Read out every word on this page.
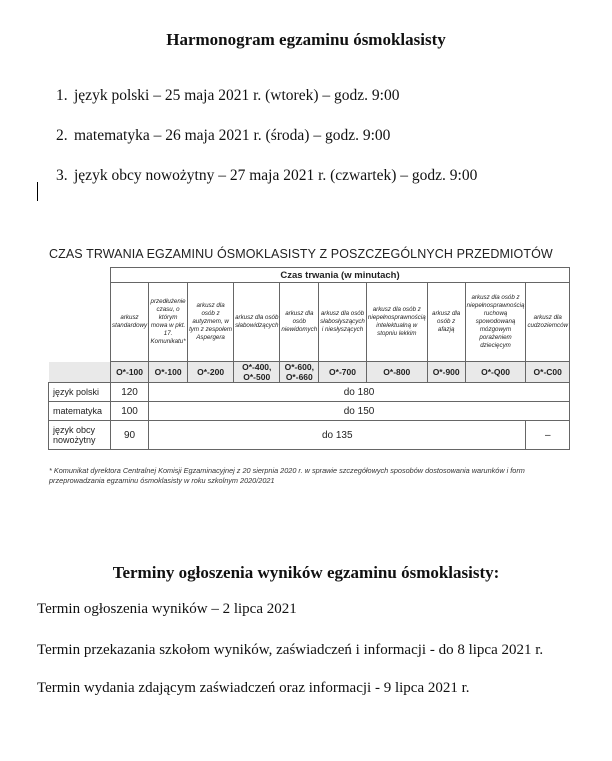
Harmonogram egzaminu ósmoklasisty
1. język polski – 25 maja 2021 r. (wtorek) – godz. 9:00
2. matematyka – 26 maja 2021 r. (środa) – godz. 9:00
3. język obcy nowożytny – 27 maja 2021 r. (czwartek) – godz. 9:00
CZAS TRWANIA EGZAMINU ÓSMOKLASISTY Z POSZCZEGÓLNYCH PRZEDMIOTÓW
	Czas trwania (w minutach)									
	arkusz standardowy	przedłużenie czasu, o którym mowa w pkt. 17. Komunikatu*	arkusz dla osób z autyzmem, w tym z zespołem Aspergera	arkusz dla osób słabowidzących	arkusz dla osób niewidomych	arkusz dla osób słabosłyszących i niesłyszących	arkusz dla osób z niepełnosprawnością intelektualną w stopniu lekkim	arkusz dla osób z afazją	arkusz dla osób z niepełnosprawnością ruchową spowodowaną mózgowym porażeniem dziecięcym	arkusz dla cudzoziemców
	O*-100	O*-100	O*-200	O*-400, O*-500	O*-600, O*-660	O*-700	O*-800	O*-900	O*-Q00	O*-C00
język polski	120	do 180								
matematyka	100	do 150								
język obcy nowożytny	90	do 135								–
* Komunikat dyrektora Centralnej Komisji Egzaminacyjnej z 20 sierpnia 2020 r. w sprawie szczegółowych sposobów dostosowania warunków i form przeprowadzania egzaminu ósmoklasisty w roku szkolnym 2020/2021
Terminy ogłoszenia wyników egzaminu ósmoklasisty:
Termin ogłoszenia wyników – 2 lipca 2021
Termin przekazania szkołom wyników, zaświadczeń i informacji - do 8 lipca 2021 r.
Termin wydania zdającym zaświadczeń oraz informacji - 9 lipca 2021 r.
